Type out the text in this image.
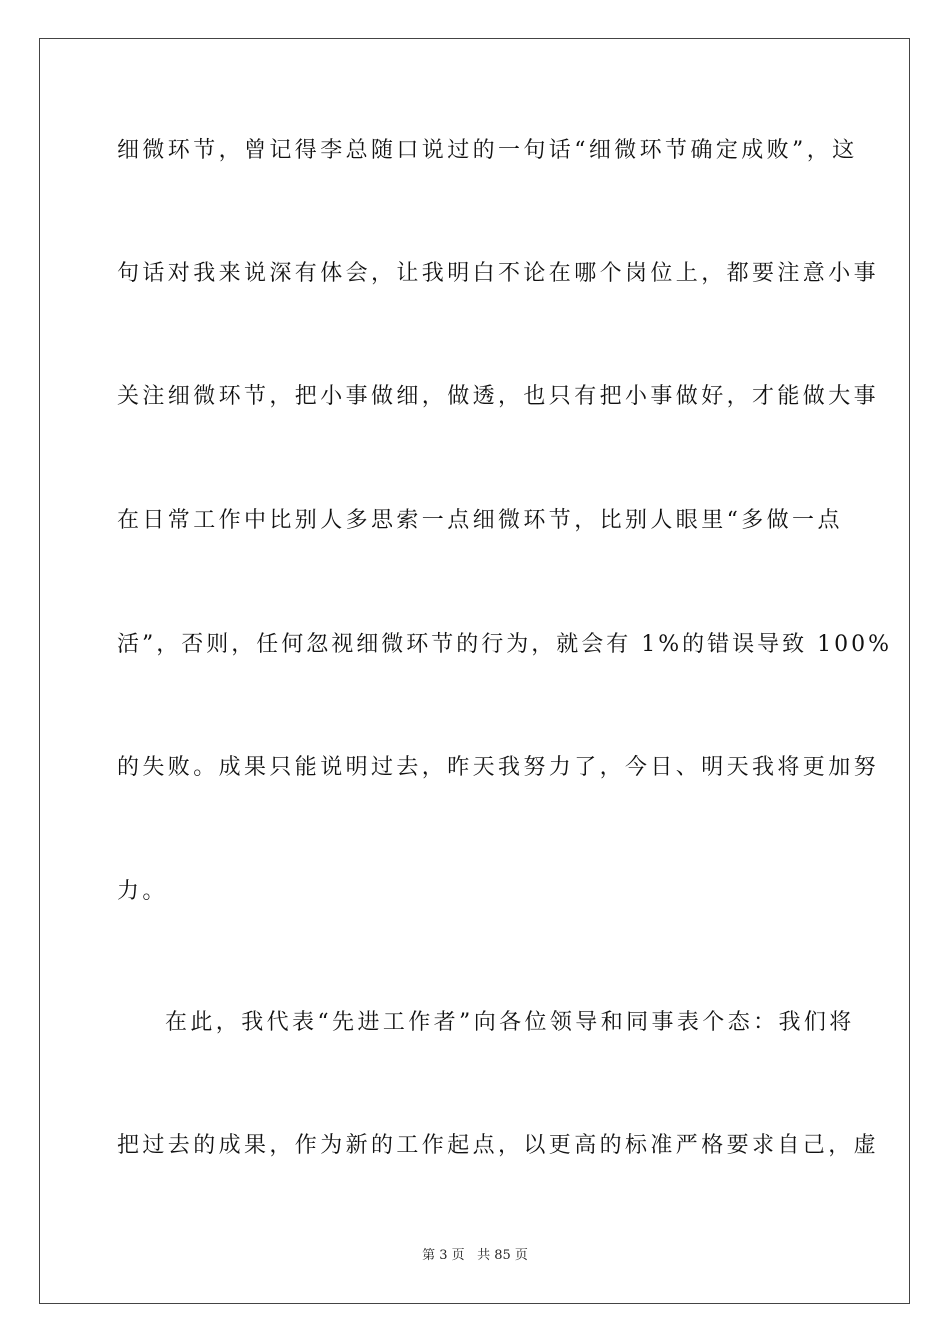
细微环节，曾记得李总随口说过的一句话“细微环节确定成败”，这
句话对我来说深有体会，让我明白不论在哪个岗位上，都要注意小事
关注细微环节，把小事做细，做透，也只有把小事做好，才能做大事
在日常工作中比别人多思索一点细微环节，比别人眼里“多做一点
活”，否则，任何忽视细微环节的行为，就会有 1%的错误导致 100%
的失败。成果只能说明过去，昨天我努力了，今日、明天我将更加努
力。
在此，我代表“先进工作者”向各位领导和同事表个态：我们将
把过去的成果，作为新的工作起点，以更高的标准严格要求自己，虚
第 3 页 共 85 页
